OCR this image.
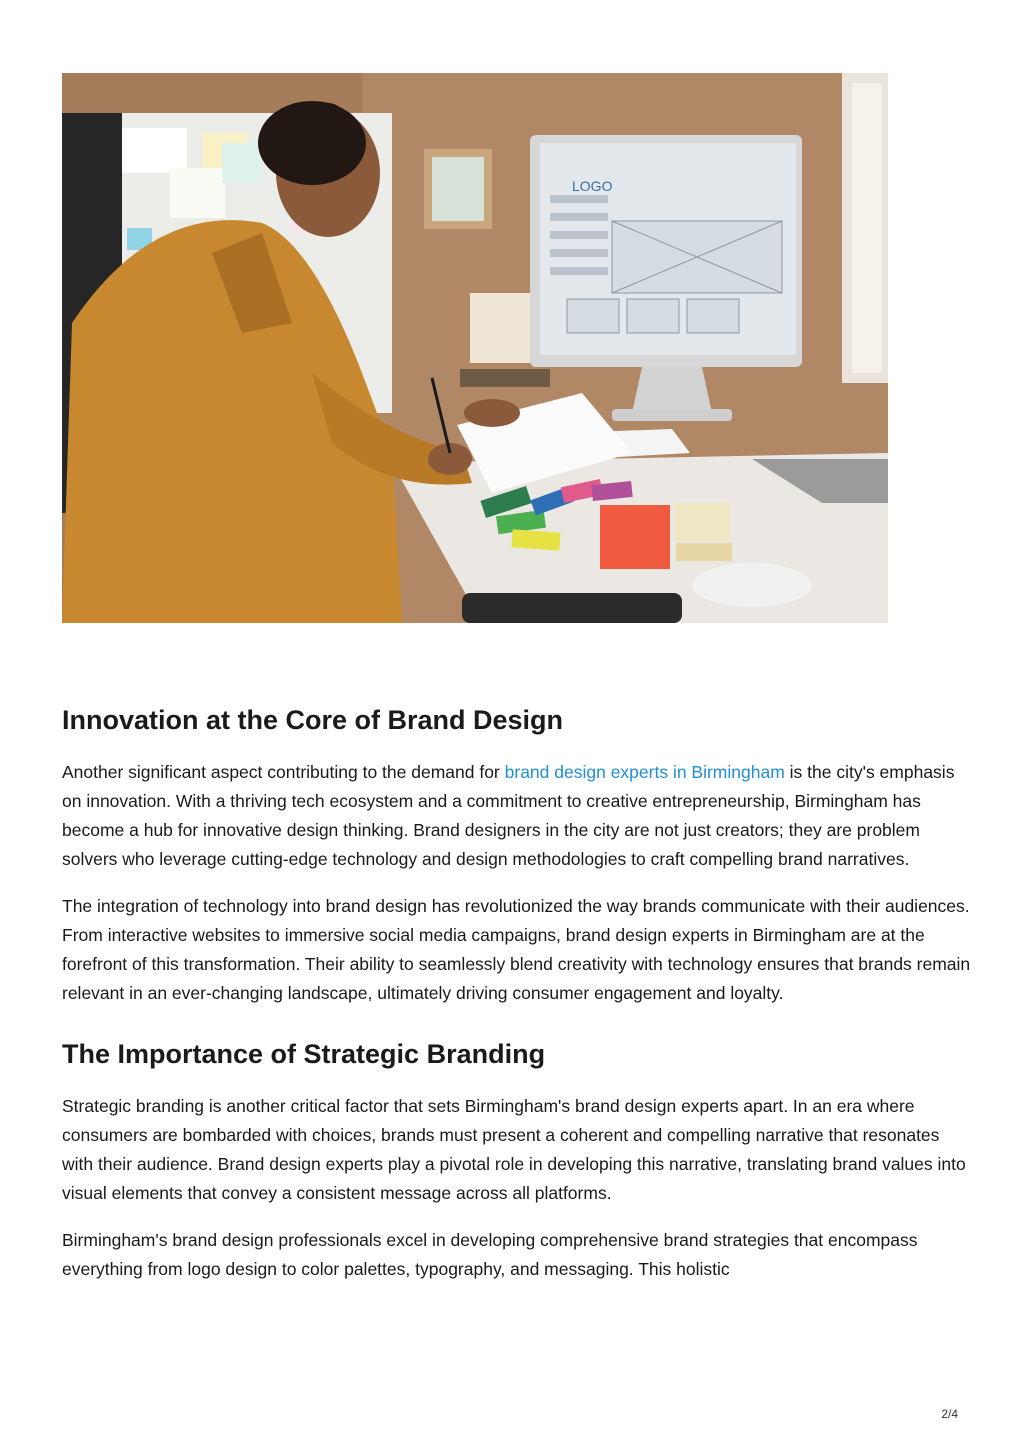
LOGO
Innovation at the Core of Brand Design

Another significant aspect contributing to the demand for brand design experts in Birmingham is the city's emphasis on innovation. With a thriving tech ecosystem and a commitment to creative entrepreneurship, Birmingham has become a hub for innovative design thinking. Brand designers in the city are not just creators; they are problem solvers who leverage cutting-edge technology and design methodologies to craft compelling brand narratives.

The integration of technology into brand design has revolutionized the way brands communicate with their audiences. From interactive websites to immersive social media campaigns, brand design experts in Birmingham are at the forefront of this transformation. Their ability to seamlessly blend creativity with technology ensures that brands remain relevant in an ever-changing landscape, ultimately driving consumer engagement and loyalty.

The Importance of Strategic Branding

Strategic branding is another critical factor that sets Birmingham's brand design experts apart. In an era where consumers are bombarded with choices, brands must present a coherent and compelling narrative that resonates with their audience. Brand design experts play a pivotal role in developing this narrative, translating brand values into visual elements that convey a consistent message across all platforms.

Birmingham's brand design professionals excel in developing comprehensive brand strategies that encompass everything from logo design to color palettes, typography, and messaging. This holistic

2/4
